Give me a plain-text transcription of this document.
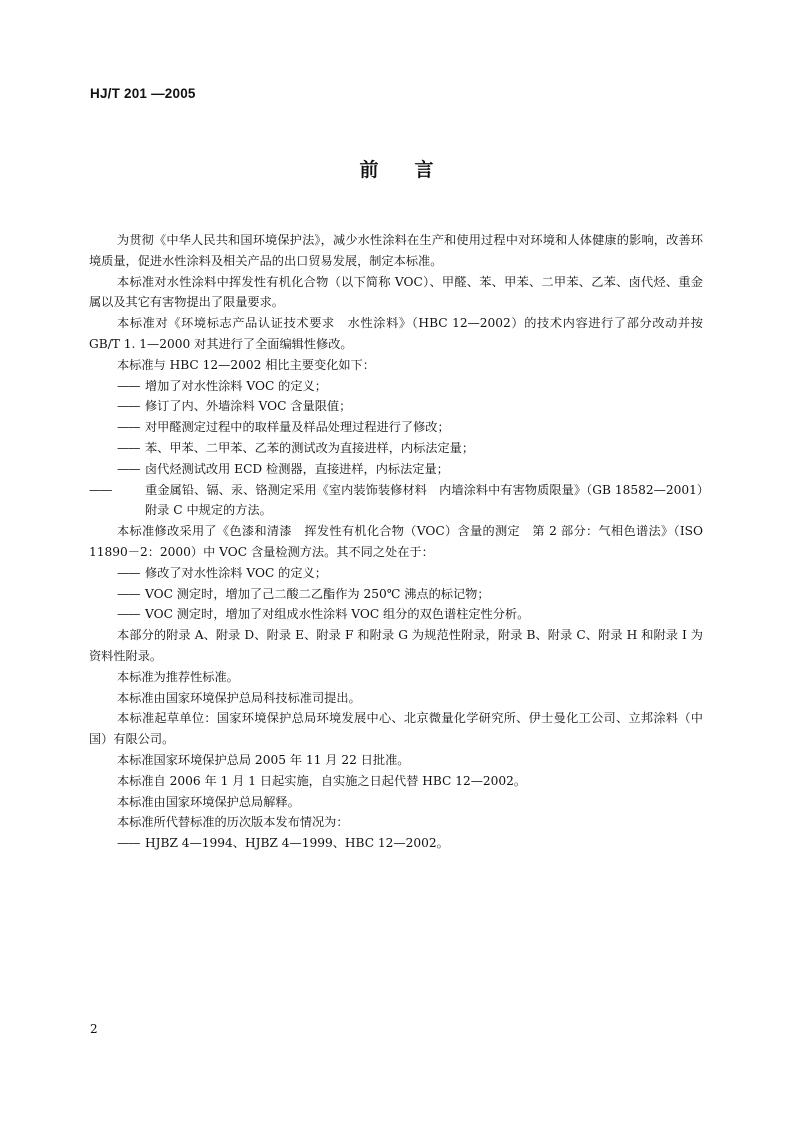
HJ/T 201 —2005
前言

为贯彻《中华人民共和国环境保护法》，减少水性涂料在生产和使用过程中对环境和人体健康的影响，改善环境质量，促进水性涂料及相关产品的出口贸易发展，制定本标准。

本标准对水性涂料中挥发性有机化合物（以下简称 VOC）、甲醛、苯、甲苯、二甲苯、乙苯、卤代烃、重金属以及其它有害物提出了限量要求。

本标准对《环境标志产品认证技术要求　水性涂料》（HBC 12—2002）的技术内容进行了部分改动并按 GB/T 1. 1—2000 对其进行了全面编辑性修改。

本标准与 HBC 12—2002 相比主要变化如下：

—— 增加了对水性涂料 VOC 的定义；

—— 修订了内、外墙涂料 VOC 含量限值；

—— 对甲醛测定过程中的取样量及样品处理过程进行了修改；

—— 苯、甲苯、二甲苯、乙苯的测试改为直接进样，内标法定量；

—— 卤代烃测试改用 ECD 检测器，直接进样，内标法定量；

——	重金属铅、镉、汞、铬测定采用《室内装饰装修材料　内墙涂料中有害物质限量》（GB 18582—2001）附录 C 中规定的方法。

本标准修改采用了《色漆和清漆　挥发性有机化合物（VOC）含量的测定　第 2 部分：气相色谱法》（ISO 11890－2：2000）中 VOC 含量检测方法。其不同之处在于：

—— 修改了对水性涂料 VOC 的定义；

—— VOC 测定时，增加了己二酸二乙酯作为 250℃ 沸点的标记物；

—— VOC 测定时，增加了对组成水性涂料 VOC 组分的双色谱柱定性分析。

本部分的附录 A、附录 D、附录 E、附录 F 和附录 G 为规范性附录，附录 B、附录 C、附录 H 和附录 I 为资料性附录。

本标准为推荐性标准。

本标准由国家环境保护总局科技标准司提出。

本标准起草单位：国家环境保护总局环境发展中心、北京微量化学研究所、伊士曼化工公司、立邦涂料（中国）有限公司。

本标准国家环境保护总局 2005 年 11 月 22 日批准。

本标准自 2006 年 1 月 1 日起实施，自实施之日起代替 HBC 12—2002。

本标准由国家环境保护总局解释。

本标准所代替标准的历次版本发布情况为：

—— HJBZ 4—1994、HJBZ 4—1999、HBC 12—2002。

2
